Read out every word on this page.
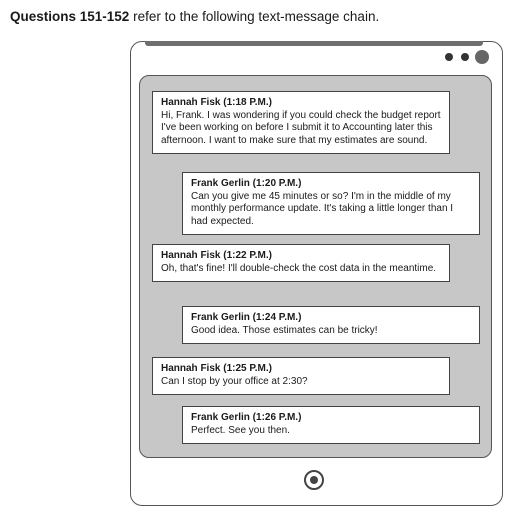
Questions 151-152 refer to the following text-message chain.
Hannah Fisk (1:18 P.M.)
Hi, Frank. I was wondering if you could check the budget report I've been working on before I submit it to Accounting later this afternoon. I want to make sure that my estimates are sound.
Frank Gerlin (1:20 P.M.)
Can you give me 45 minutes or so? I'm in the middle of my monthly performance update. It's taking a little longer than I had expected.
Hannah Fisk (1:22 P.M.)
Oh, that's fine! I'll double-check the cost data in the meantime.
Frank Gerlin (1:24 P.M.)
Good idea. Those estimates can be tricky!
Hannah Fisk (1:25 P.M.)
Can I stop by your office at 2:30?
Frank Gerlin (1:26 P.M.)
Perfect. See you then.
